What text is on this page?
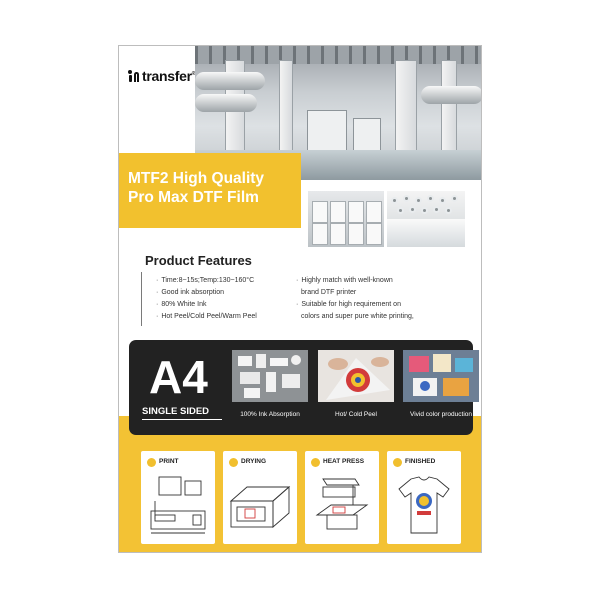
transfer®
MTF2 High Quality
Pro Max DTF Film
Product Features
· Time:8~15s;Temp:130~160°C
· Good ink absorption
· 80% White Ink
· Hot Peel/Cold Peel/Warm Peel
· Highly match with well-known
brand DTF printer
· Suitable for high requirement on
colors and super pure white printing,
A4
SINGLE SIDED	100% Ink Absorption	Hot/ Cold Peel	Vivid color production
PRINT	DRYING	HEAT PRESS	FINISHED
